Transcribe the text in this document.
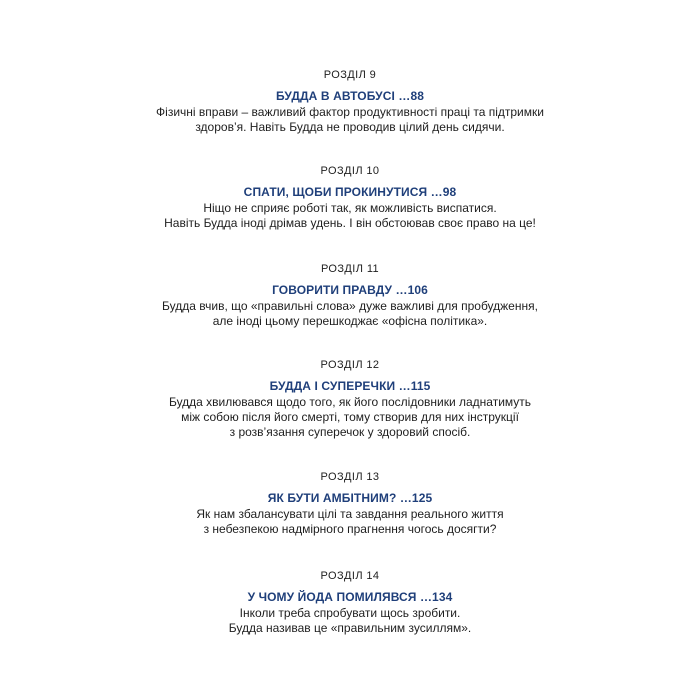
РОЗДІЛ 9
БУДДА В АВТОБУСІ …88
Фізичні вправи – важливий фактор продуктивності праці та підтримки
здоров’я. Навіть Будда не проводив цілий день сидячи.
РОЗДІЛ 10
СПАТИ, ЩОБИ ПРОКИНУТИСЯ …98
Ніщо не сприяє роботі так, як можливість виспатися.
Навіть Будда іноді дрімав удень. І він обстоював своє право на це!
РОЗДІЛ 11
ГОВОРИТИ ПРАВДУ …106
Будда вчив, що «правильні слова» дуже важливі для пробудження,
але іноді цьому перешкоджає «офісна політика».
РОЗДІЛ 12
БУДДА І СУПЕРЕЧКИ …115
Будда хвилювався щодо того, як його послідовники ладнатимуть
між собою після його смерті, тому створив для них інструкції
з розв’язання суперечок у здоровий спосіб.
РОЗДІЛ 13
ЯК БУТИ АМБІТНИМ? …125
Як нам збалансувати цілі та завдання реального життя
з небезпекою надмірного прагнення чогось досягти?
РОЗДІЛ 14
У ЧОМУ ЙОДА ПОМИЛЯВСЯ …134
Інколи треба спробувати щось зробити.
Будда називав це «правильним зусиллям».
